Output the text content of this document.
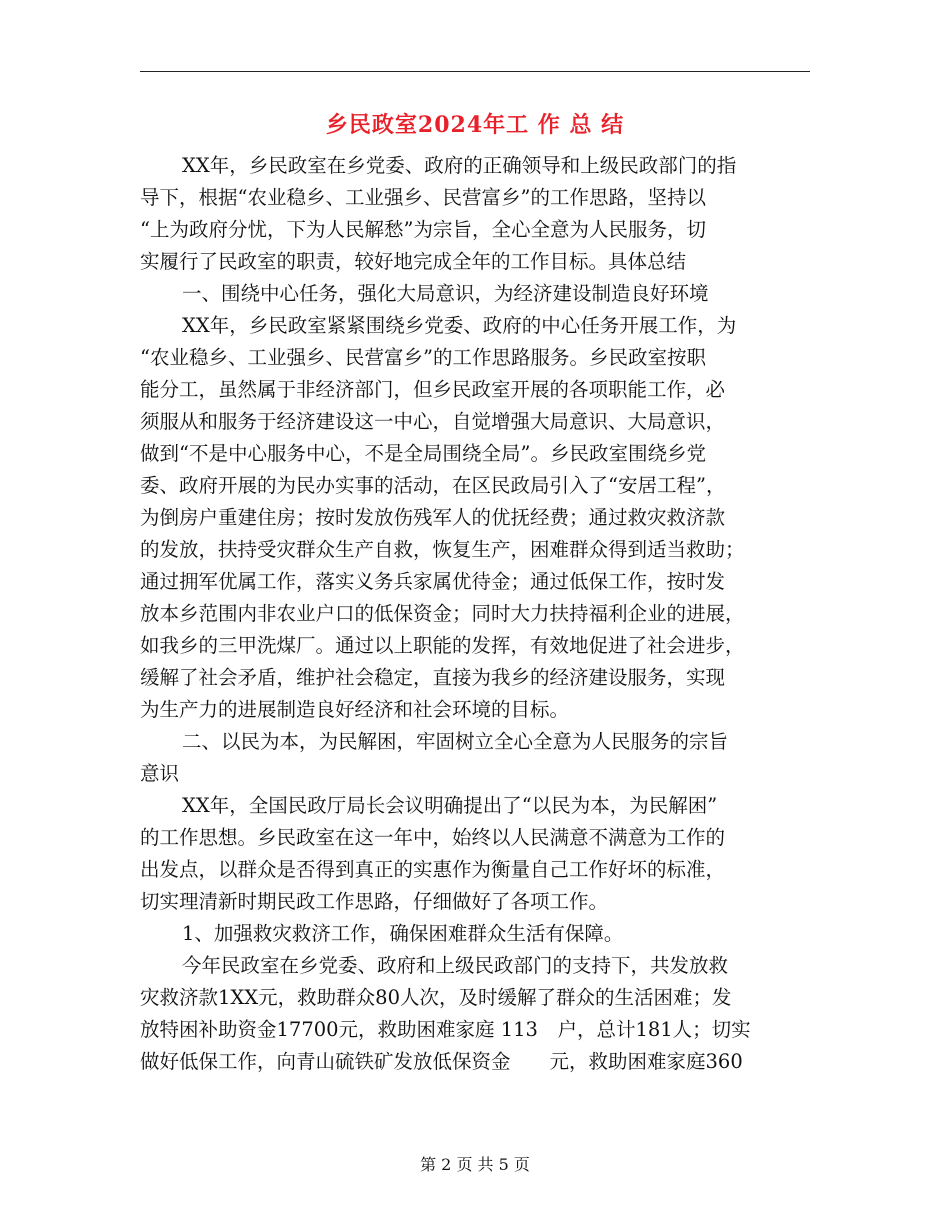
乡民政室2024年工 作 总 结
XX年，乡民政室在乡党委、政府的正确领导和上级民政部门的指
导下，根据“农业稳乡、工业强乡、民营富乡”的工作思路，坚持以
“上为政府分忧，下为人民解愁”为宗旨，全心全意为人民服务，切
实履行了民政室的职责，较好地完成全年的工作目标。具体总结
一、围绕中心任务，强化大局意识，为经济建设制造良好环境
XX年，乡民政室紧紧围绕乡党委、政府的中心任务开展工作，为
“农业稳乡、工业强乡、民营富乡”的工作思路服务。乡民政室按职
能分工，虽然属于非经济部门，但乡民政室开展的各项职能工作，必
须服从和服务于经济建设这一中心，自觉增强大局意识、大局意识，
做到“不是中心服务中心，不是全局围绕全局”。乡民政室围绕乡党
委、政府开展的为民办实事的活动，在区民政局引入了“安居工程”，
为倒房户重建住房；按时发放伤残军人的优抚经费；通过救灾救济款
的发放，扶持受灾群众生产自救，恢复生产，困难群众得到适当救助；
通过拥军优属工作，落实义务兵家属优待金；通过低保工作，按时发
放本乡范围内非农业户口的低保资金；同时大力扶持福利企业的进展，
如我乡的三甲洗煤厂。通过以上职能的发挥，有效地促进了社会进步，
缓解了社会矛盾，维护社会稳定，直接为我乡的经济建设服务，实现
为生产力的进展制造良好经济和社会环境的目标。
二、以民为本，为民解困，牢固树立全心全意为人民服务的宗旨
意识
XX年，全国民政厅局长会议明确提出了“以民为本，为民解困”
的工作思想。乡民政室在这一年中，始终以人民满意不满意为工作的
出发点，以群众是否得到真正的实惠作为衡量自己工作好坏的标准，
切实理清新时期民政工作思路，仔细做好了各项工作。
1、加强救灾救济工作，确保困难群众生活有保障。
今年民政室在乡党委、政府和上级民政部门的支持下，共发放救
灾救济款1XX元，救助群众80人次，及时缓解了群众的生活困难；发
放特困补助资金17700元，救助困难家庭 113　户，总计181人；切实
做好低保工作，向青山硫铁矿发放低保资金　　元，救助困难家庭360
第 2 页 共 5 页
